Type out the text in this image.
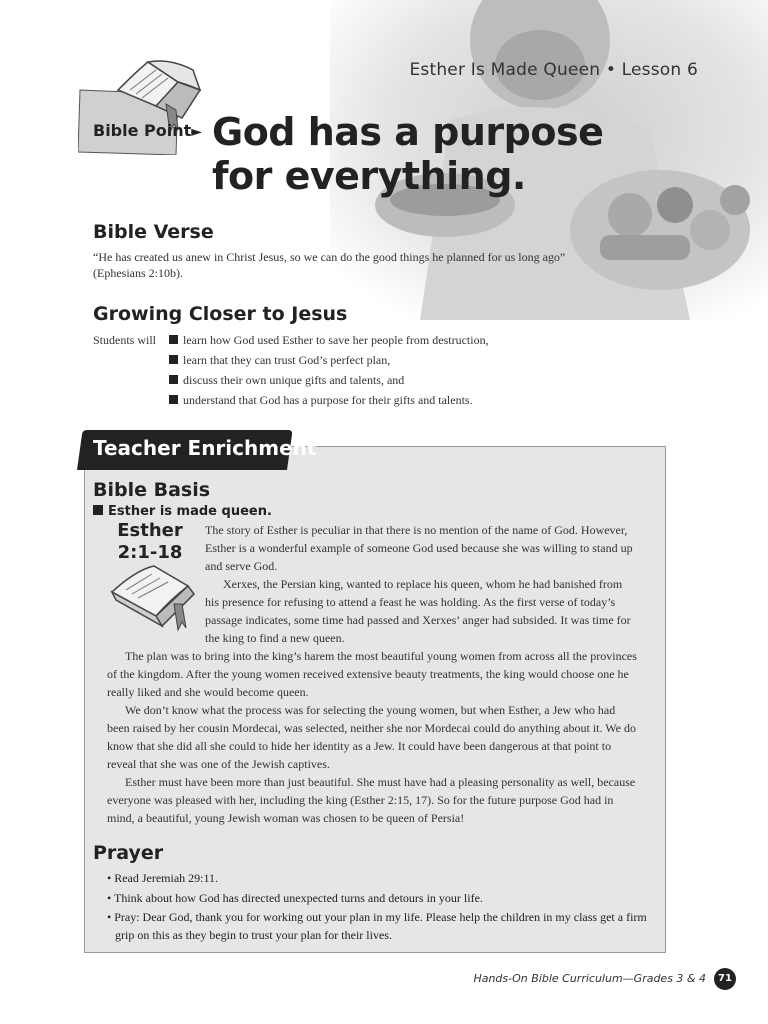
Esther Is Made Queen • Lesson 6
Bible Point► God has a purpose
for everything.
Bible Verse
“He has created us anew in Christ Jesus, so we can do the good things he planned for us long ago” (Ephesians 2:10b).
Growing Closer to Jesus
Students will	learn how God used Esther to save her people from destruction,
learn that they can trust God’s perfect plan,
discuss their own unique gifts and talents, and
understand that God has a purpose for their gifts and talents.
Teacher Enrichment
Bible Basis
Esther is made queen.
Esther
2:1-18

The story of Esther is peculiar in that there is no mention of the name of God. However, Esther is a wonderful example of someone God used because she was willing to stand up and serve God.

Xerxes, the Persian king, wanted to replace his queen, whom he had banished from his presence for refusing to attend a feast he was holding. As the first verse of today’s passage indicates, some time had passed and Xerxes’ anger had subsided. It was time for the king to find a new queen.

The plan was to bring into the king’s harem the most beautiful young women from across all the provinces of the kingdom. After the young women received extensive beauty treatments, the king would choose one he really liked and she would become queen.

We don’t know what the process was for selecting the young women, but when Esther, a Jew who had been raised by her cousin Mordecai, was selected, neither she nor Mordecai could do anything about it. We do know that she did all she could to hide her identity as a Jew. It could have been dangerous at that point to reveal that she was one of the Jewish captives.

Esther must have been more than just beautiful. She must have had a pleasing personality as well, because everyone was pleased with her, including the king (Esther 2:15, 17). So for the future purpose God had in mind, a beautiful, young Jewish woman was chosen to be queen of Persia!

Prayer
• Read Jeremiah 29:11.
• Think about how God has directed unexpected turns and detours in your life.
• Pray: Dear God, thank you for working out your plan in my life. Please help the children in my class get a firm grip on this as they begin to trust your plan for their lives.
Hands-On Bible Curriculum—Grades 3 & 4	71
